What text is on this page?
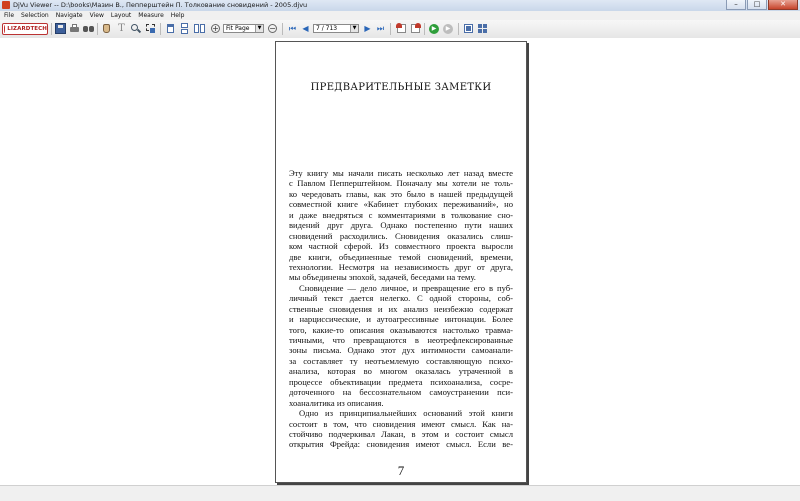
DjVu Viewer -- D:\books\Мазин В., Пепперштейн П. Толкование сновидений - 2005.djvu	–	□	✕
File	Selection	Navigate	View	Layout	Measure	Help
LIZARDTECH	T	+	Fit Page	▼ − ⏮ ◀	7 / 713	▼	▶ ⏭	▶	▶
ПРЕДВАРИТЕЛЬНЫЕ ЗАМЕТКИ
Эту книгу мы начали писать несколько лет назад вместе
с Павлом Пепперштейном. Поначалу мы хотели не толь-
ко чередовать главы, как это было в нашей предыдущей
совместной книге «Кабинет глубоких переживаний», но
и даже внедряться с комментариями в толкование сно-
видений друг друга. Однако постепенно пути наших
сновидений расходились. Сновидения оказались слиш-
ком частной сферой. Из совместного проекта выросли
две книги, объединенные темой сновидений, времени,
технологии. Несмотря на независимость друг от друга,
мы объединены эпохой, задачей, беседами на тему.
Сновидение — дело личное, и превращение его в пуб-
личный текст дается нелегко. С одной стороны, соб-
ственные сновидения и их анализ неизбежно содержат
и нарциссические, и аутоагрессивные интонации. Более
того, какие-то описания оказываются настолько травма-
тичными, что превращаются в неотрефлексированные
зоны письма. Однако этот дух интимности самоанали-
за составляет ту неотъемлемую составляющую психо-
анализа, которая во многом оказалась утраченной в
процессе объективации предмета психоанализа, сосре-
доточенного на бессознательном самоустранении пси-
хоаналитика из описания.
Одно из принципиальнейших оснований этой книги
состоит в том, что сновидения имеют смысл. Как на-
стойчиво подчеркивал Лакан, в этом и состоит смысл
открытия Фрейда: сновидения имеют смысл. Если ве-
7
